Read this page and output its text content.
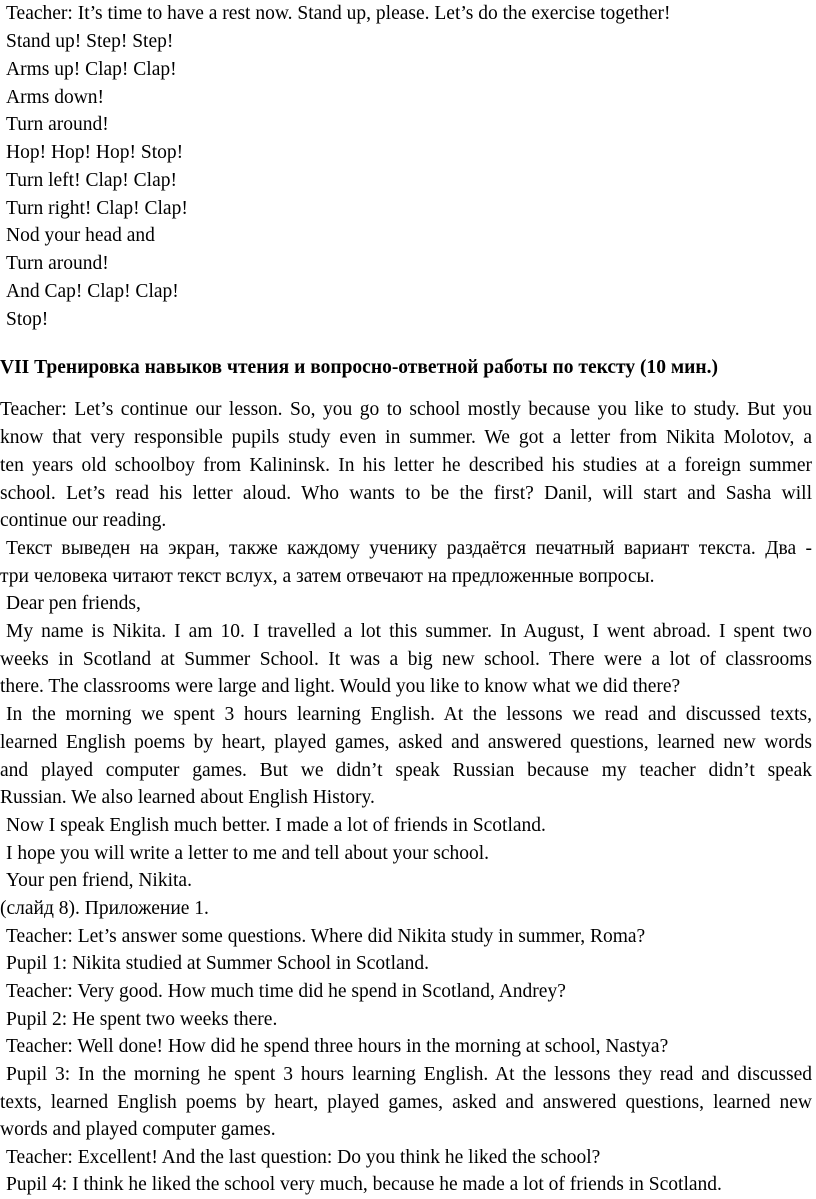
Teacher: It’s time to have a rest now. Stand up, please. Let’s do the exercise together!
Stand up! Step! Step!
Arms up! Clap! Clap!
Arms down!
Turn around!
Hop! Hop! Hop! Stop!
Turn left! Clap! Clap!
Turn right! Clap! Clap!
Nod your head and
Turn around!
And Cap! Clap! Clap!
Stop!
VII Тренировка навыков чтения и вопросно-ответной работы по тексту (10 мин.)
Teacher: Let’s continue our lesson. So, you go to school mostly because you like to study. But you
know that very responsible pupils study even in summer. We got a letter from Nikita Molotov, a
ten years old schoolboy from Kalininsk. In his letter he described his studies at a foreign summer
school. Let’s read his letter aloud. Who wants to be the first? Danil, will start and Sasha will
continue our reading.
Текст выведен на экран, также каждому ученику раздаётся печатный вариант текста. Два -
три человека читают текст вслух, а затем отвечают на предложенные вопросы.
Dear pen friends,
My name is Nikita. I am 10. I travelled a lot this summer. In August, I went abroad. I spent two
weeks in Scotland at Summer School. It was a big new school. There were a lot of classrooms
there. The classrooms were large and light. Would you like to know what we did there?
In the morning we spent 3 hours learning English. At the lessons we read and discussed texts,
learned English poems by heart, played games, asked and answered questions, learned new words
and played computer games. But we didn’t speak Russian because my teacher didn’t speak
Russian. We also learned about English History.
Now I speak English much better. I made a lot of friends in Scotland.
I hope you will write a letter to me and tell about your school.
Your pen friend, Nikita.
(слайд 8). Приложение 1.
Teacher: Let’s answer some questions. Where did Nikita study in summer, Roma?
Pupil 1: Nikita studied at Summer School in Scotland.
Teacher: Very good. How much time did he spend in Scotland, Andrey?
Pupil 2: He spent two weeks there.
Teacher: Well done! How did he spend three hours in the morning at school, Nastya?
Pupil 3: In the morning he spent 3 hours learning English. At the lessons they read and discussed
texts, learned English poems by heart, played games, asked and answered questions, learned new
words and played computer games.
Teacher: Excellent! And the last question: Do you think he liked the school?
Pupil 4: I think he liked the school very much, because he made a lot of friends in Scotland.
